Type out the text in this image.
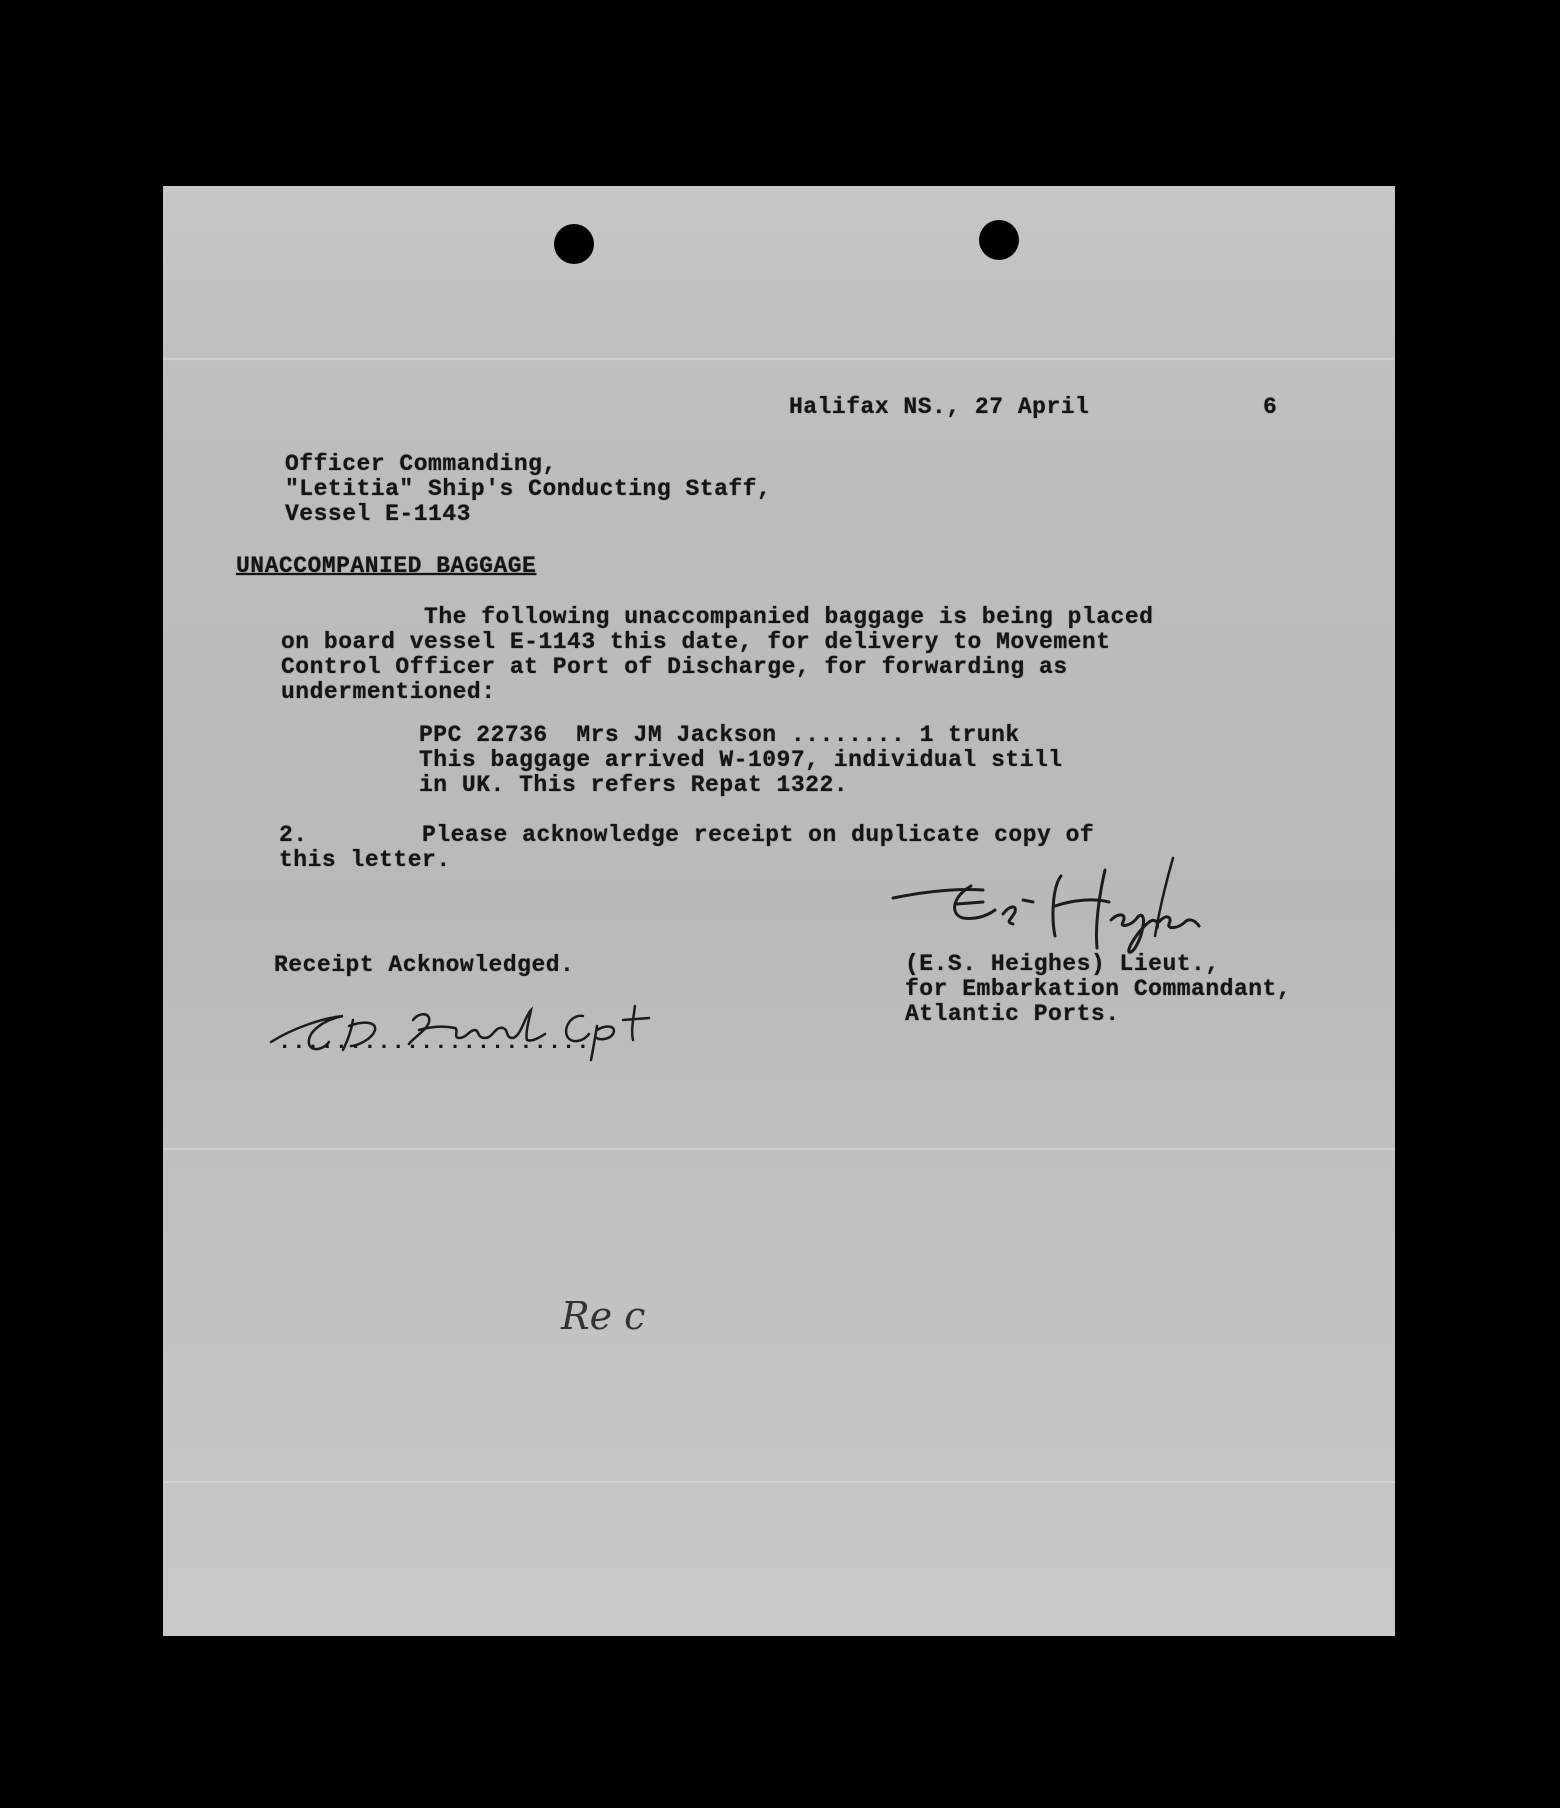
Halifax NS., 27 April	6
Officer Commanding,
"Letitia" Ship's Conducting Staff,
Vessel E-1143
UNACCOMPANIED BAGGAGE
The following unaccompanied baggage is being placed
on board vessel E-1143 this date, for delivery to Movement
Control Officer at Port of Discharge, for forwarding as
undermentioned:
PPC 22736  Mrs JM Jackson ........ 1 trunk
This baggage arrived W-1097, individual still
in UK. This refers Repat 1322.
2.        Please acknowledge receipt on duplicate copy of
this letter.
Receipt Acknowledged.	(E.S. Heighes) Lieut.,
for Embarkation Commandant,
Atlantic Ports.
......................
Re c
